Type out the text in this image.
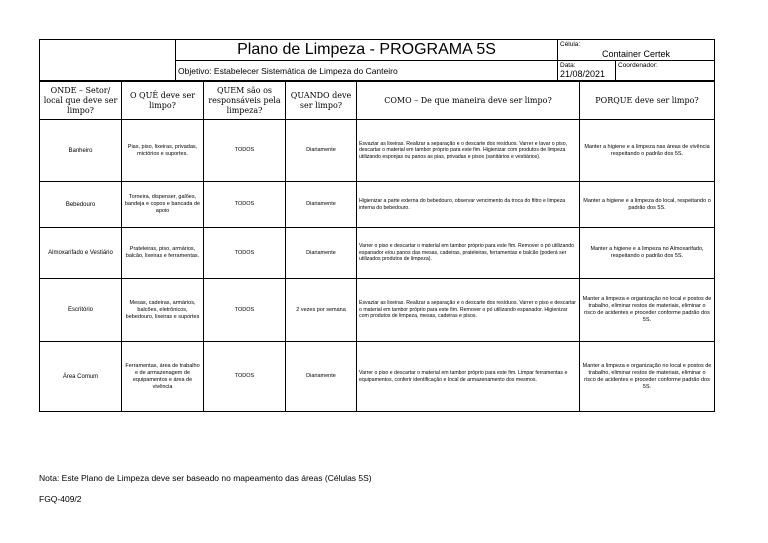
	Plano de Limpeza - PROGRAMA 5S	Célula:
Container Certek	

	Objetivo: Estabelecer Sistemática de Limpeza do Canteiro	Data:
21/08/2021	Coordenador:
ONDE – Setor/ local que deve ser limpo?	O QUÊ deve ser limpo?	QUEM são os responsáveis pela limpeza?	QUANDO deve ser limpo?	COMO – De que maneira deve ser limpo?	PORQUE deve ser limpo?
Banheiro	Pias, piso, lixeiras, privadas, mictórios e suportes.	TODOS	Diariamente	Esvaziar as lixeiras. Realizar a separação e o descarte dos resíduos. Varrer e lavar o piso, descartar o material em tambor próprio para este fim. Higienizar com produtos de limpeza utilizando esponjas ou panos as pias, privadas e pisos (sanitários e vestiários).	Manter a higiene e a limpeza nas áreas de vivência respeitando o padrão dos 5S.
Bebedouro	Torneira, dispenser, galões, bandeja e copos e bancada de apoio	TODOS	Diariamente	Higienizar a parte externa do bebedouro, observar vencimento da troca do filtro e limpeza interna do bebedouro.	Manter a higiene e a limpeza do local, respeitando o padrão dos 5S.
Almoxarifado e Vestiário	Prateleiras, piso, armários, balcão, lixeiras e ferramentas.	TODOS	Diariamente	Varrer o piso e descartar o material em tambor próprio para este fim. Remover o pó utilizando espanador e/ou panos das mesas, cadeiras, prateleiras, ferramentas e balcão (poderá ser utilizados produtos de limpeza).	Manter a higiene e a limpeza no Almoxarifado, respeitando o padrão dos 5S.
Escritório	Mesas, cadeiras, armários, balcões, eletrônicos, bebedouro, lixeiras e suportes	TODOS	2 vezes por semana	Esvaziar as lixeiras. Realizar a separação e o descarte dos resíduos. Varrer o piso e descartar o material em tambor próprio para este fim. Remover o pó utilizando espanador. Higienizar com produtos de limpeza, mesas, cadeiras e pisos.	Manter a limpeza e organização no local e postos de trabalho, eliminar restos de materiais, eliminar o risco de acidentes e proceder conforme padrão dos 5S.
Área Comum	Ferramentas, área de trabalho e de armazenagem de equipamentos e área de vivência	TODOS	Diariamente	Varrer o piso e descartar o material em tambor próprio para este fim. Limpar ferramentas e equipamentos, conferir identificação e local de armazenamento dos mesmos.	Manter a limpeza e organização no local e postos de trabalho, eliminar restos de materiais, eliminar o risco de acidentes e proceder conforme padrão dos 5S.
Nota: Este Plano de Limpeza deve ser baseado no mapeamento das áreas (Células 5S)
FGQ-409/2
